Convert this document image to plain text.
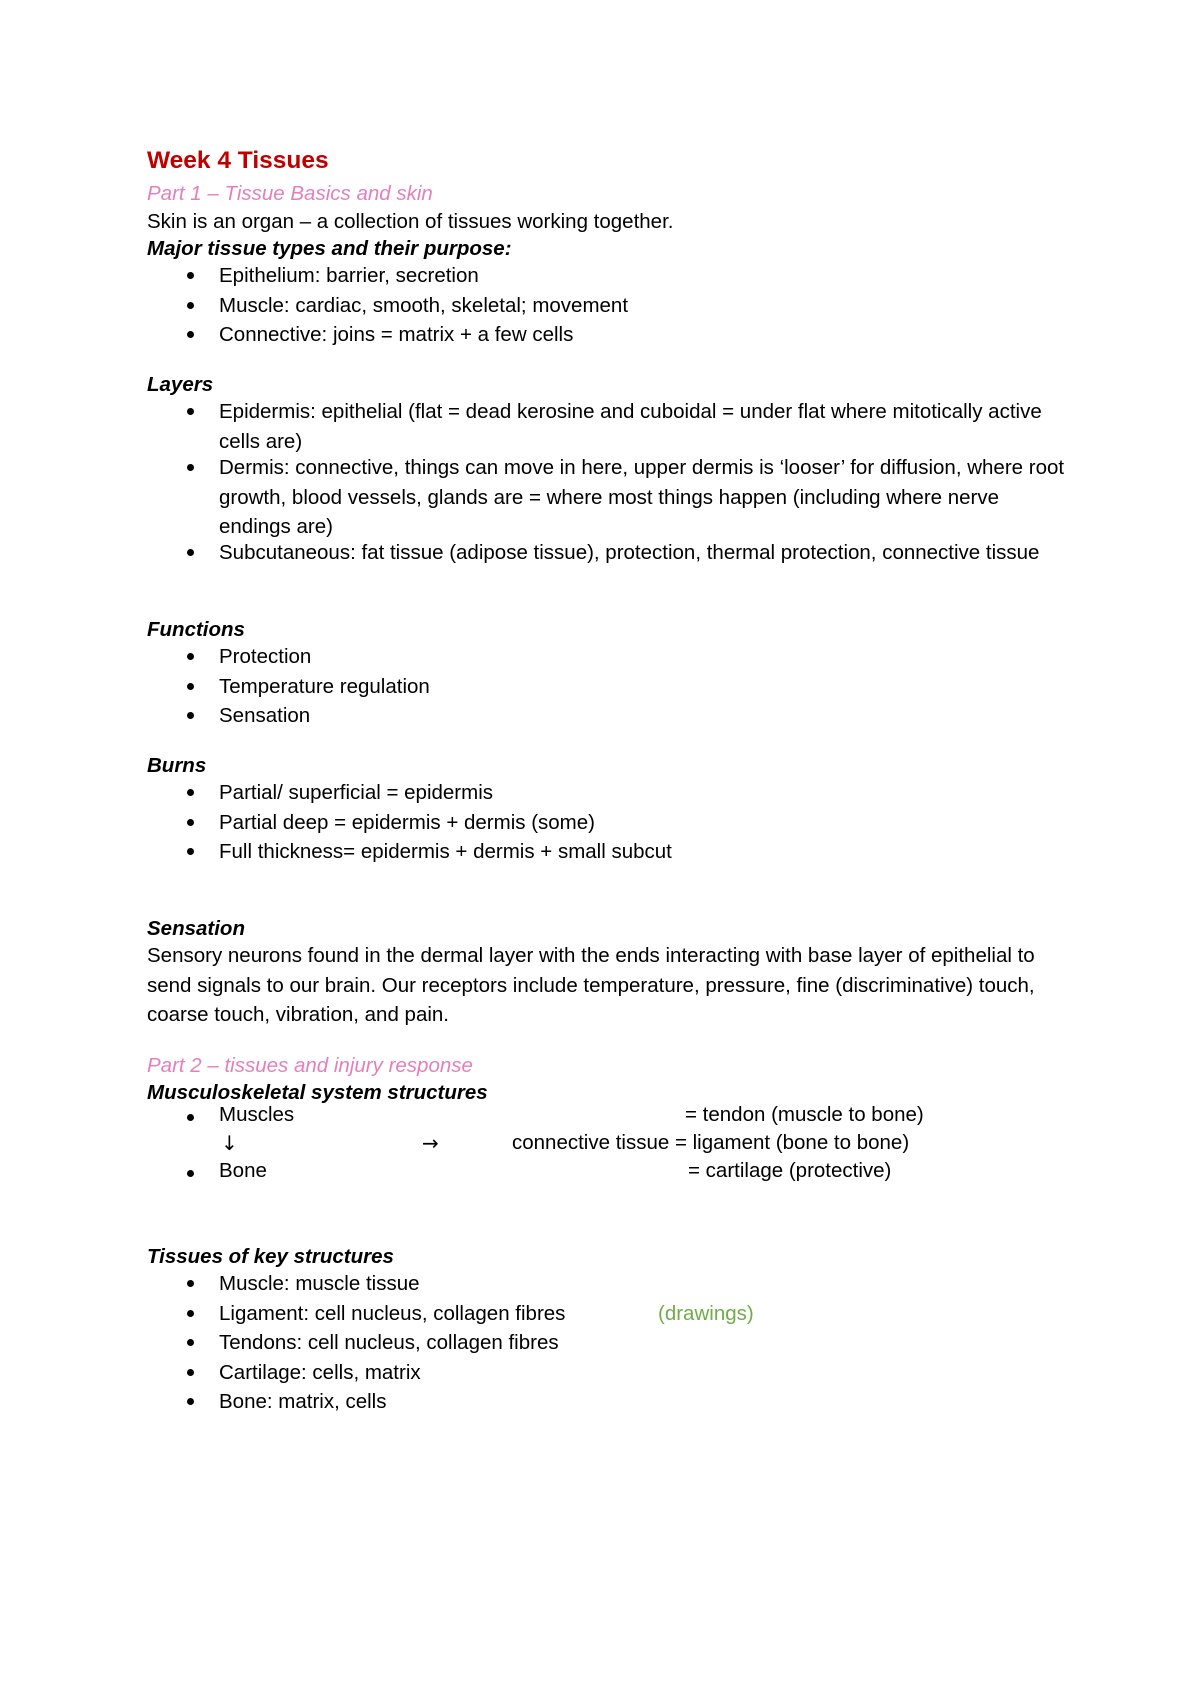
Week 4 Tissues
Part 1 – Tissue Basics and skin
Skin is an organ – a collection of tissues working together.
Major tissue types and their purpose:
Epithelium: barrier, secretion
Muscle: cardiac, smooth, skeletal; movement
Connective: joins = matrix + a few cells
Layers
Epidermis: epithelial (flat = dead kerosine and cuboidal = under flat where mitotically active cells are)
Dermis: connective, things can move in here, upper dermis is ‘looser’ for diffusion, where root growth, blood vessels, glands are = where most things happen (including where nerve endings are)
Subcutaneous: fat tissue (adipose tissue), protection, thermal protection, connective tissue
Functions
Protection
Temperature regulation
Sensation
Burns
Partial/ superficial = epidermis
Partial deep = epidermis + dermis (some)
Full thickness= epidermis + dermis + small subcut
Sensation

Sensory neurons found in the dermal layer with the ends interacting with base layer of epithelial to send signals to our brain. Our receptors include temperature, pressure, fine (discriminative) touch, coarse touch, vibration, and pain.

Part 2 – tissues and injury response
Musculoskeletal system structures
Muscles	= tendon (muscle to bone)
↓	→	connective tissue = ligament (bone to bone)
Bone	= cartilage (protective)
Tissues of key structures
Muscle: muscle tissue
Ligament: cell nucleus, collagen fibres
Tendons: cell nucleus, collagen fibres
Cartilage: cells, matrix
Bone: matrix, cells
(drawings)
